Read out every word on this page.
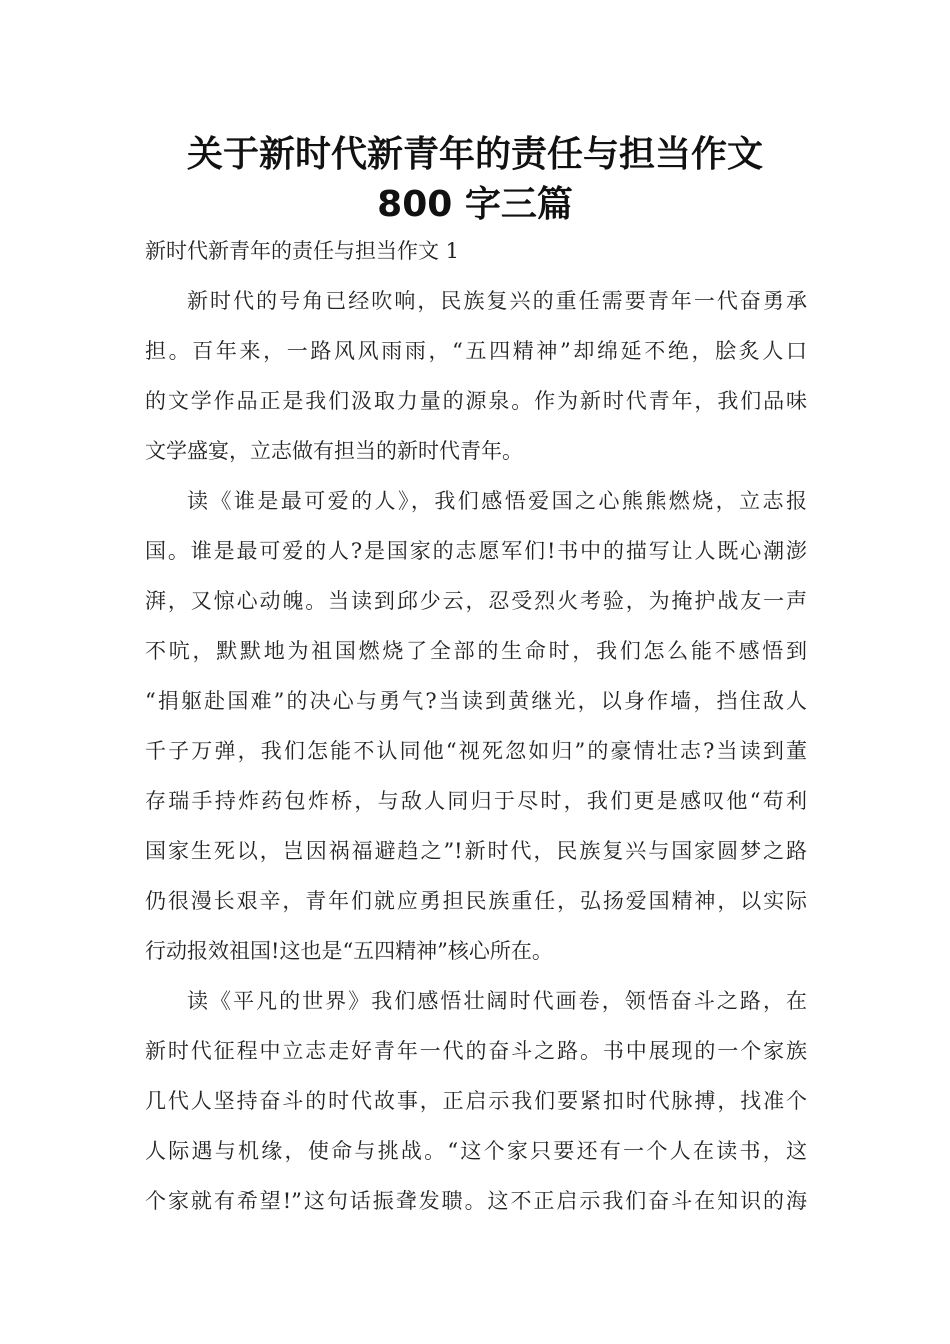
关于新时代新青年的责任与担当作文
800 字三篇

新时代新青年的责任与担当作文 1

新时代的号角已经吹响，民族复兴的重任需要青年一代奋勇承

担。百年来，一路风风雨雨，“五四精神”却绵延不绝，脍炙人口

的文学作品正是我们汲取力量的源泉。作为新时代青年，我们品味

文学盛宴，立志做有担当的新时代青年。

读《谁是最可爱的人》，我们感悟爱国之心熊熊燃烧，立志报

国。谁是最可爱的人?是国家的志愿军们!书中的描写让人既心潮澎

湃，又惊心动魄。当读到邱少云，忍受烈火考验，为掩护战友一声

不吭，默默地为祖国燃烧了全部的生命时，我们怎么能不感悟到

“捐躯赴国难”的决心与勇气?当读到黄继光，以身作墙，挡住敌人

千子万弹，我们怎能不认同他“视死忽如归”的豪情壮志?当读到董

存瑞手持炸药包炸桥，与敌人同归于尽时，我们更是感叹他“苟利

国家生死以，岂因祸福避趋之”!新时代，民族复兴与国家圆梦之路

仍很漫长艰辛，青年们就应勇担民族重任，弘扬爱国精神，以实际

行动报效祖国!这也是“五四精神”核心所在。

读《平凡的世界》我们感悟壮阔时代画卷，领悟奋斗之路，在

新时代征程中立志走好青年一代的奋斗之路。书中展现的一个家族

几代人坚持奋斗的时代故事，正启示我们要紧扣时代脉搏，找准个

人际遇与机缘，使命与挑战。“这个家只要还有一个人在读书，这

个家就有希望!”这句话振聋发聩。这不正启示我们奋斗在知识的海
